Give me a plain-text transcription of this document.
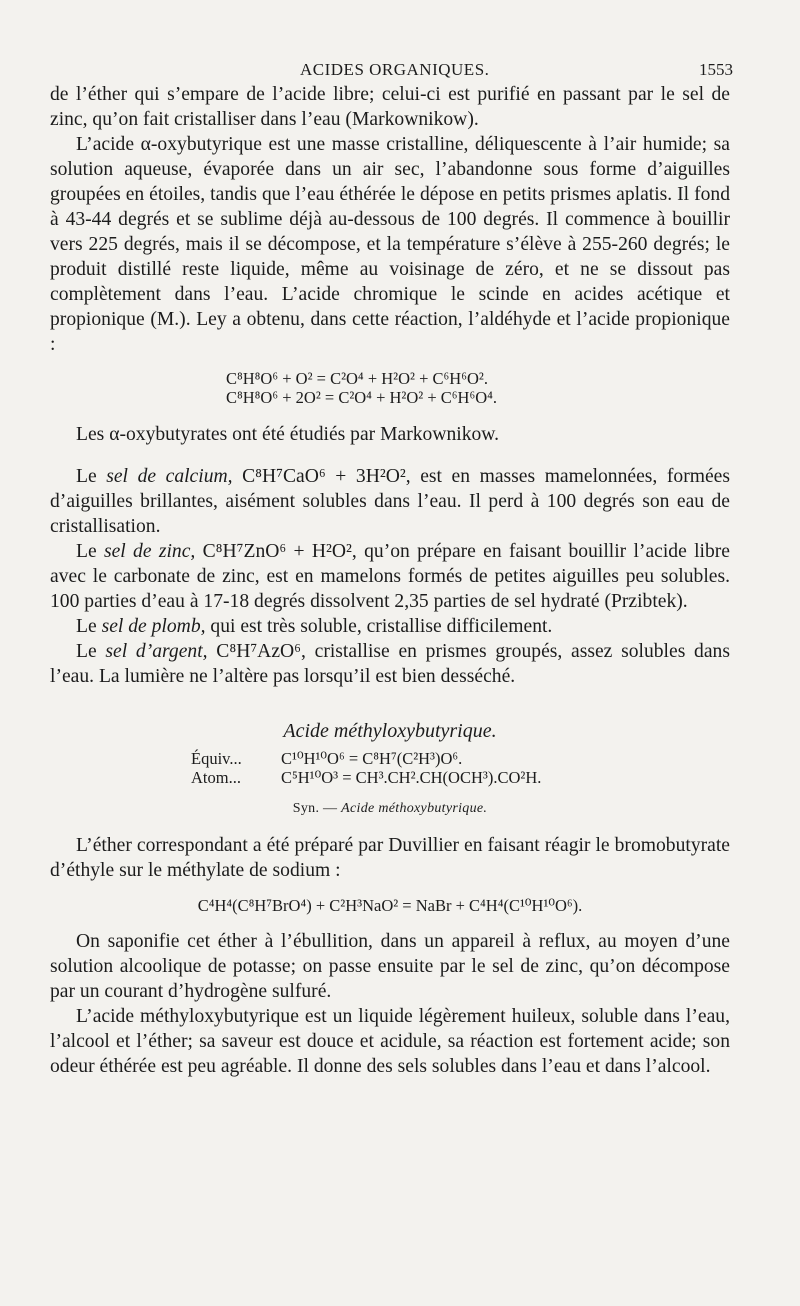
ACIDES ORGANIQUES.	1553

de l’éther qui s’empare de l’acide libre; celui-ci est purifié en passant par le sel de zinc, qu’on fait cristalliser dans l’eau (Markownikow).

L’acide α-oxybutyrique est une masse cristalline, déliquescente à l’air humide; sa solution aqueuse, évaporée dans un air sec, l’abandonne sous forme d’aiguilles groupées en étoiles, tandis que l’eau éthérée le dépose en petits prismes aplatis. Il fond à 43-44 degrés et se sublime déjà au-dessous de 100 degrés. Il commence à bouillir vers 225 degrés, mais il se décompose, et la température s’élève à 255-260 degrés; le produit distillé reste liquide, même au voisinage de zéro, et ne se dissout pas complètement dans l’eau. L’acide chromique le scinde en acides acétique et propionique (M.). Ley a obtenu, dans cette réaction, l’aldéhyde et l’acide propionique :

C⁸H⁸O⁶ + O² = C²O⁴ + H²O² + C⁶H⁶O².

C⁸H⁸O⁶ + 2O² = C²O⁴ + H²O² + C⁶H⁶O⁴.

Les α-oxybutyrates ont été étudiés par Markownikow.

Le sel de calcium, C⁸H⁷CaO⁶ + 3H²O², est en masses mamelonnées, formées d’aiguilles brillantes, aisément solubles dans l’eau. Il perd à 100 degrés son eau de cristallisation.

Le sel de zinc, C⁸H⁷ZnO⁶ + H²O², qu’on prépare en faisant bouillir l’acide libre avec le carbonate de zinc, est en mamelons formés de petites aiguilles peu solubles. 100 parties d’eau à 17-18 degrés dissolvent 2,35 parties de sel hydraté (Przibtek).

Le sel de plomb, qui est très soluble, cristallise difficilement.

Le sel d’argent, C⁸H⁷AzO⁶, cristallise en prismes groupés, assez solubles dans l’eau. La lumière ne l’altère pas lorsqu’il est bien desséché.

Acide méthyloxybutyrique.
Équiv...	C¹⁰H¹⁰O⁶ = C⁸H⁷(C²H³)O⁶.
Atom...	C⁵H¹⁰O³ = CH³.CH².CH(OCH³).CO²H.
Syn. — Acide méthoxybutyrique.

L’éther correspondant a été préparé par Duvillier en faisant réagir le bromobutyrate d’éthyle sur le méthylate de sodium :

C⁴H⁴(C⁸H⁷BrO⁴) + C²H³NaO² = NaBr + C⁴H⁴(C¹⁰H¹⁰O⁶).

On saponifie cet éther à l’ébullition, dans un appareil à reflux, au moyen d’une solution alcoolique de potasse; on passe ensuite par le sel de zinc, qu’on décompose par un courant d’hydrogène sulfuré.

L’acide méthyloxybutyrique est un liquide légèrement huileux, soluble dans l’eau, l’alcool et l’éther; sa saveur est douce et acidule, sa réaction est fortement acide; son odeur éthérée est peu agréable. Il donne des sels solubles dans l’eau et dans l’alcool.
